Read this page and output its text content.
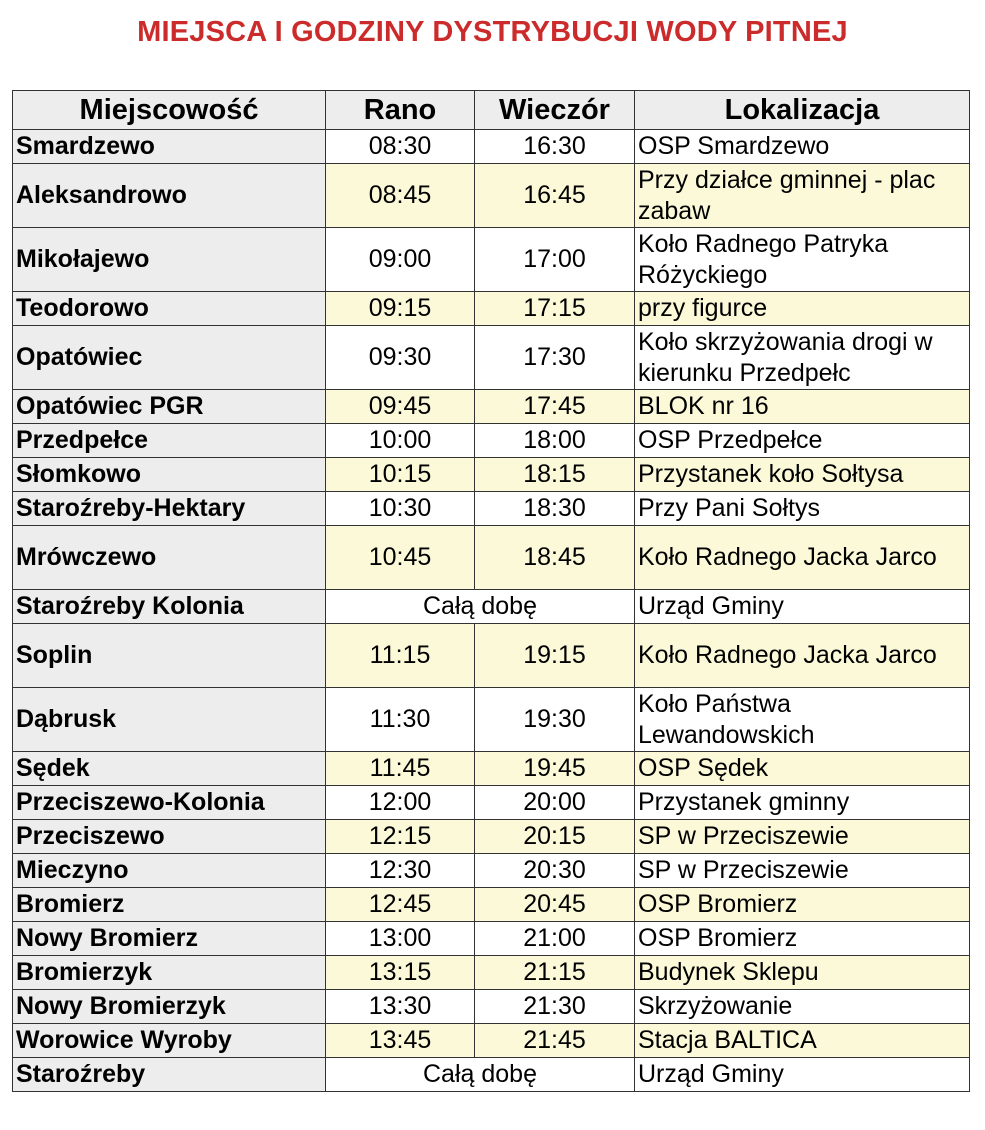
MIEJSCA I GODZINY DYSTRYBUCJI WODY PITNEJ
Miejscowość	Rano	Wieczór	Lokalizacja
Smardzewo	08:30	16:30	OSP Smardzewo
Aleksandrowo	08:45	16:45	Przy działce gminnej - plac zabaw
Mikołajewo	09:00	17:00	Koło Radnego Patryka Różyckiego
Teodorowo	09:15	17:15	przy figurce
Opatówiec	09:30	17:30	Koło skrzyżowania drogi w kierunku Przedpełc
Opatówiec PGR	09:45	17:45	BLOK nr 16
Przedpełce	10:00	18:00	OSP Przedpełce
Słomkowo	10:15	18:15	Przystanek koło Sołtysa
Staroźreby-Hektary	10:30	18:30	Przy Pani Sołtys
Mrówczewo	10:45	18:45	Koło Radnego Jacka Jarco
Staroźreby Kolonia	Całą dobę		Urząd Gminy
Soplin	11:15	19:15	Koło Radnego Jacka Jarco
Dąbrusk	11:30	19:30	Koło Państwa Lewandowskich
Sędek	11:45	19:45	OSP Sędek
Przeciszewo-Kolonia	12:00	20:00	Przystanek gminny
Przeciszewo	12:15	20:15	SP w Przeciszewie
Mieczyno	12:30	20:30	SP w Przeciszewie
Bromierz	12:45	20:45	OSP Bromierz
Nowy Bromierz	13:00	21:00	OSP Bromierz
Bromierzyk	13:15	21:15	Budynek Sklepu
Nowy Bromierzyk	13:30	21:30	Skrzyżowanie
Worowice Wyroby	13:45	21:45	Stacja BALTICA
Staroźreby	Całą dobę		Urząd Gminy
